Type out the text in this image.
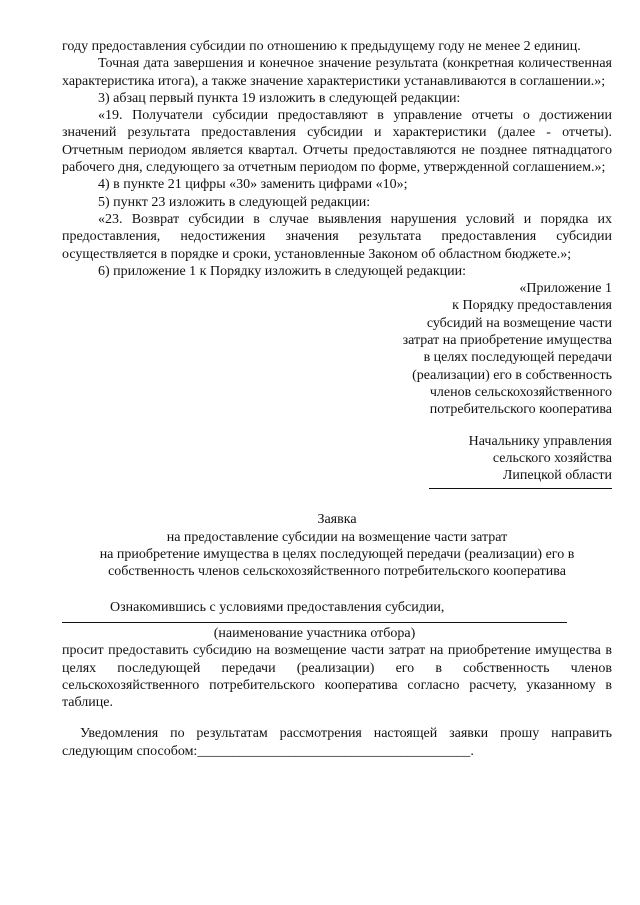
году предоставления субсидии по отношению к предыдущему году не менее 2 единиц.

Точная дата завершения и конечное значение результата (конкретная количественная характеристика итога), а также значение характеристики устанавливаются в соглашении.»;

3) абзац первый пункта 19 изложить в следующей редакции:

«19. Получатели субсидии предоставляют в управление отчеты о достижении значений результата предоставления субсидии и характеристики (далее - отчеты). Отчетным периодом является квартал. Отчеты предоставляются не позднее пятнадцатого рабочего дня, следующего за отчетным периодом по форме, утвержденной соглашением.»;

4) в пункте 21 цифры «30» заменить цифрами «10»;

5) пункт 23 изложить в следующей редакции:

«23. Возврат субсидии в случае выявления нарушения условий и порядка их предоставления, недостижения значения результата предоставления субсидии осуществляется в порядке и сроки, установленные Законом об областном бюджете.»;

6) приложение 1 к Порядку изложить в следующей редакции:

«Приложение 1
к Порядку предоставления
субсидий на возмещение части
затрат на приобретение имущества
в целях последующей передачи
(реализации) его в собственность
членов сельскохозяйственного
потребительского кооператива
Начальнику управления
сельского хозяйства
Липецкой области
Заявка
на предоставление субсидии на возмещение части затрат
на приобретение имущества в целях последующей передачи (реализации) его в
собственность членов сельскохозяйственного потребительского кооператива

Ознакомившись с условиями предоставления субсидии,

(наименование участника отбора)

просит предоставить субсидию на возмещение части затрат на приобретение имущества в целях последующей передачи (реализации) его в собственность членов сельскохозяйственного потребительского кооператива согласно расчету, указанному в таблице.

Уведомления по результатам рассмотрения настоящей заявки прошу направить следующим способом:_______________________________________.
